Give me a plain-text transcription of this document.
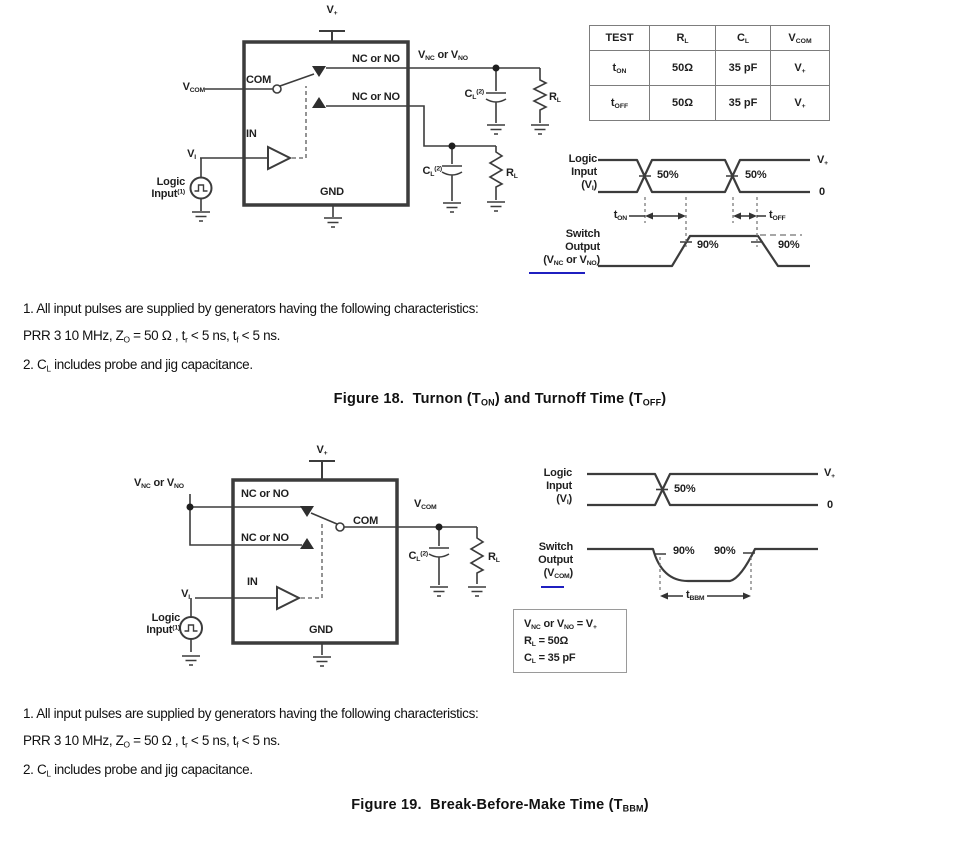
$V_+$
$V_{COM}$
COM
NC or NO
NC or NO
$V_{NC}$ or $V_{NO}$
$C_L^{(2)}$	$R_L$
$C_L^{(2)}$	$R_L$
IN
$V_I$
Logic
Input$^{(1)}$	GND
TEST	$R_L$	$C_L$	$V_{COM}$
$t_{ON}$	50Ω	35 pF	$V_+$
$t_{OFF}$	50Ω	35 pF	$V_+$
Logic
Input
$(V_I)$
50%	50%
$V_+$
0
$t_{ON}$	$t_{OFF}$
Switch
Output
($V_{NC}$ or $V_{NO}$)
90%	90%
1. All input pulses are supplied by generators having the following characteristics:
PRR 3 10 MHz, $Z_O = 50$ Ω , $t_r < 5$ ns, $t_f < 5$ ns.
2. $C_L$ includes probe and jig capacitance.
Figure 18.  Turnon $(T_{ON})$ and Turnoff Time $(T_{OFF})$
$V_+$
$V_{NC}$ or $V_{NO}$
NC or NO
NC or NO
COM
$V_{COM}$
$C_L^{(2)}$	$R_L$
IN
$V_I$
Logic
Input$^{(1)}$	GND
Logic
Input
$(V_I)$
50%
$V_+$
0
Switch
Output
$(V_{COM})$
90% 90%
$t_{BBM}$
$V_{NC}$ or $V_{NO} = V_+$
$R_L = 50\Omega$
$C_L = 35$ pF
1. All input pulses are supplied by generators having the following characteristics:
PRR 3 10 MHz, $Z_O = 50$ Ω , $t_r < 5$ ns, $t_f < 5$ ns.
2. $C_L$ includes probe and jig capacitance.
Figure 19.  Break-Before-Make Time $(T_{BBM})$
